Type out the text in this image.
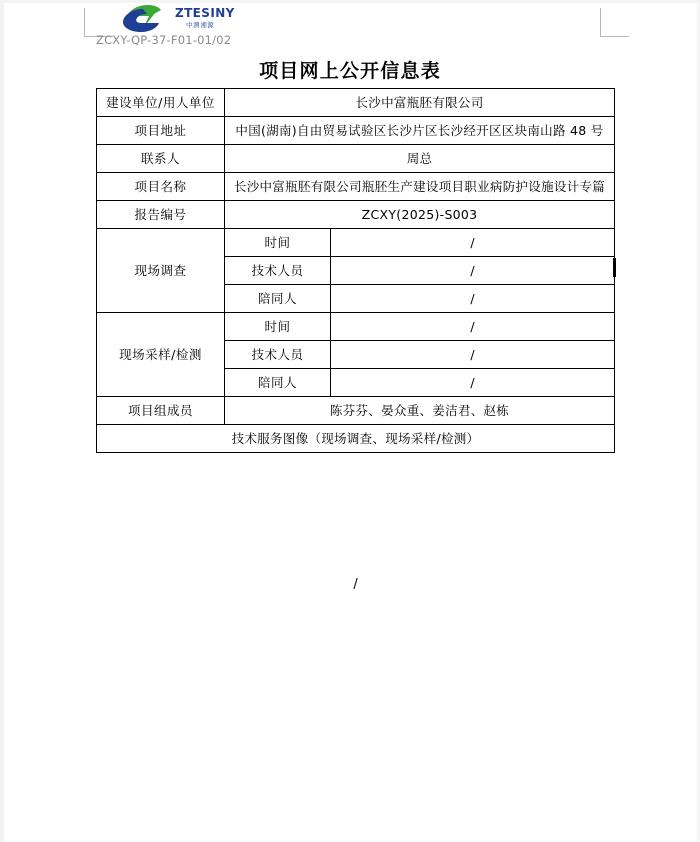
ZTESINY
中测湘源
ZCXY-QP-37-F01-01/02
项目网上公开信息表
建设单位/用人单位	长沙中富瓶胚有限公司	
项目地址	中国(湖南)自由贸易试验区长沙片区长沙经开区区块南山路 48 号	
联系人	周总	
项目名称	长沙中富瓶胚有限公司瓶胚生产建设项目职业病防护设施设计专篇	
报告编号	ZCXY(2025)-S003	
现场调查	时间	/
	技术人员	/
	陪同人	/
现场采样/检测	时间	/
	技术人员	/
	陪同人	/
项目组成员	陈芬芬、晏众重、姜洁君、赵栋	

技术服务图像（现场调查、现场采样/检测）
/		
